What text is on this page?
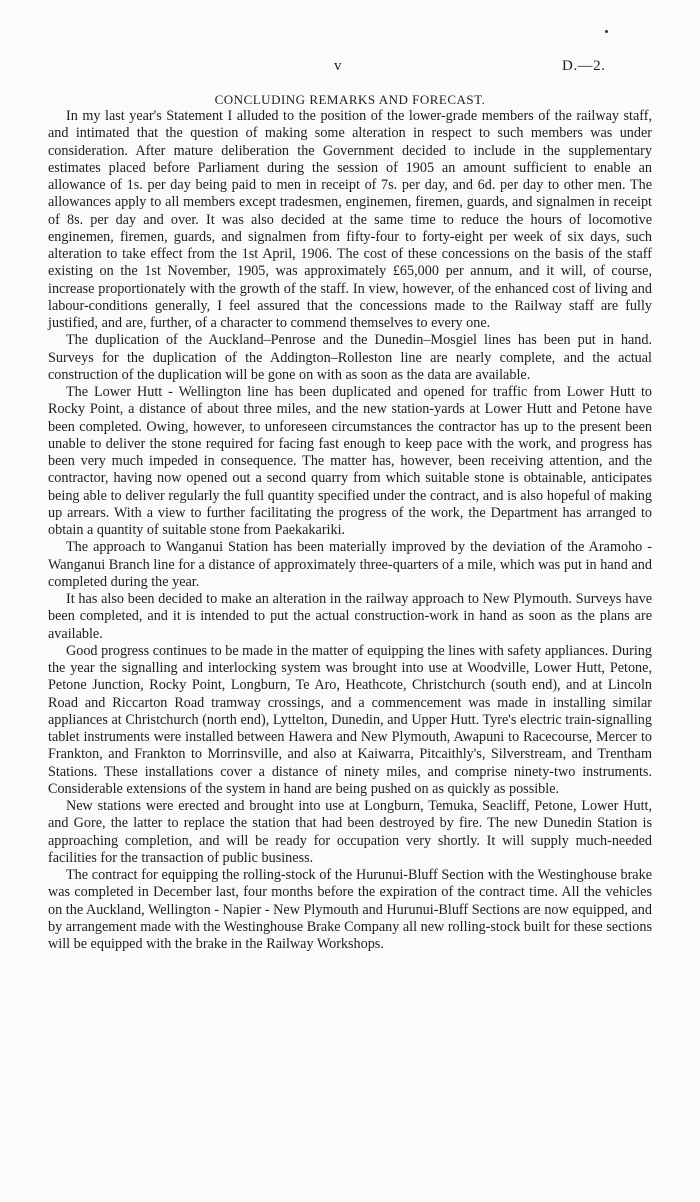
v	D.—2.
CONCLUDING REMARKS AND FORECAST.

In my last year's Statement I alluded to the position of the lower-grade members of the railway staff, and intimated that the question of making some alteration in respect to such members was under consideration. After mature deliberation the Government decided to include in the supplementary estimates placed before Parliament during the session of 1905 an amount sufficient to enable an allowance of 1s. per day being paid to men in receipt of 7s. per day, and 6d. per day to other men. The allowances apply to all members except tradesmen, enginemen, firemen, guards, and signalmen in receipt of 8s. per day and over. It was also decided at the same time to reduce the hours of locomotive enginemen, firemen, guards, and signalmen from fifty-four to forty-eight per week of six days, such alteration to take effect from the 1st April, 1906. The cost of these concessions on the basis of the staff existing on the 1st November, 1905, was approximately £65,000 per annum, and it will, of course, increase proportionately with the growth of the staff. In view, however, of the enhanced cost of living and labour-conditions generally, I feel assured that the concessions made to the Railway staff are fully justified, and are, further, of a character to commend themselves to every one.

The duplication of the Auckland–Penrose and the Dunedin–Mosgiel lines has been put in hand. Surveys for the duplication of the Addington–Rolleston line are nearly complete, and the actual construction of the duplication will be gone on with as soon as the data are available.

The Lower Hutt - Wellington line has been duplicated and opened for traffic from Lower Hutt to Rocky Point, a distance of about three miles, and the new station-yards at Lower Hutt and Petone have been completed. Owing, however, to unforeseen circumstances the contractor has up to the present been unable to deliver the stone required for facing fast enough to keep pace with the work, and progress has been very much impeded in consequence. The matter has, however, been receiving attention, and the contractor, having now opened out a second quarry from which suitable stone is obtainable, anticipates being able to deliver regularly the full quantity specified under the contract, and is also hopeful of making up arrears. With a view to further facilitating the progress of the work, the Department has arranged to obtain a quantity of suitable stone from Paekakariki.

The approach to Wanganui Station has been materially improved by the deviation of the Aramoho - Wanganui Branch line for a distance of approximately three-quarters of a mile, which was put in hand and completed during the year.

It has also been decided to make an alteration in the railway approach to New Plymouth. Surveys have been completed, and it is intended to put the actual construction-work in hand as soon as the plans are available.

Good progress continues to be made in the matter of equipping the lines with safety appliances. During the year the signalling and interlocking system was brought into use at Woodville, Lower Hutt, Petone, Petone Junction, Rocky Point, Longburn, Te Aro, Heathcote, Christchurch (south end), and at Lincoln Road and Riccarton Road tramway crossings, and a commencement was made in installing similar appliances at Christchurch (north end), Lyttelton, Dunedin, and Upper Hutt. Tyre's electric train-signalling tablet instruments were installed between Hawera and New Plymouth, Awapuni to Racecourse, Mercer to Frankton, and Frankton to Morrinsville, and also at Kaiwarra, Pitcaithly's, Silverstream, and Trentham Stations. These installations cover a distance of ninety miles, and comprise ninety-two instruments. Considerable extensions of the system in hand are being pushed on as quickly as possible.

New stations were erected and brought into use at Longburn, Temuka, Seacliff, Petone, Lower Hutt, and Gore, the latter to replace the station that had been destroyed by fire. The new Dunedin Station is approaching completion, and will be ready for occupation very shortly. It will supply much-needed facilities for the transaction of public business.

The contract for equipping the rolling-stock of the Hurunui-Bluff Section with the Westinghouse brake was completed in December last, four months before the expiration of the contract time. All the vehicles on the Auckland, Wellington - Napier - New Plymouth and Hurunui-Bluff Sections are now equipped, and by arrangement made with the Westinghouse Brake Company all new rolling-stock built for these sections will be equipped with the brake in the Railway Workshops.
